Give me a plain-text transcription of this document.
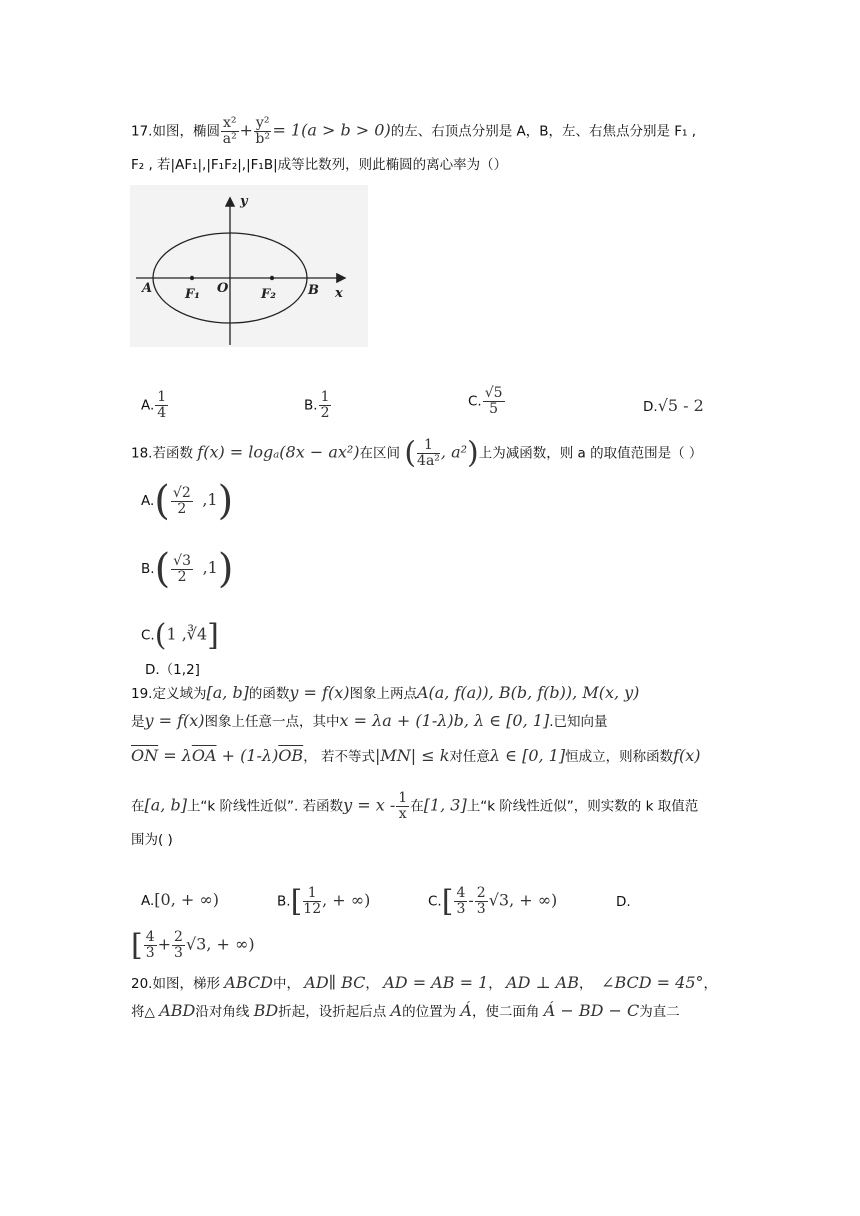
17.如图，椭圆 $\frac{\text{x²}}{\text{a²}} + \frac{\text{y²}}{\text{b²}} = 1(a > b > 0)$的左、右顶点分别是 A，B，左、右焦点分别是 F₁ ,
F₂ , 若|AF₁|,|F₁F₂|,|F₁B|成等比数列，则此椭圆的离心率为（）
y
x
A	F₁ O	F₂ B
A. $\frac{1}{4}$	B. $\frac{1}{2}$	C. $\frac{√5}{5}$	D.√5 - 2
18.若函数 f(x) = logₐ(8x − ax²)在区间 ( $\frac{1}{\text{4a²}}$ , a²)上为减函数，则 a 的取值范围是（ ）
$A.( \frac{√2}{2} ,1)$
$B.( \frac{√3}{2} ,1)$
C.(1 ,∛4]
D.（1,2]
19.定义域为[a, b]的函数y = f(x)图象上两点A(a, f(a)), B(b, f(b)), M(x, y)
是y = f(x)图象上任意一点，其中x = λa + (1-λ)b, λ ∈ [0, 1].已知向量
$\overline{ON} = \lambda\overline{OA} + (1-\lambda)\overline{OB}$， 若不等式|MN| ≤ k对任意λ ∈ [0, 1]恒成立，则称函数f(x)
在[a, b]上“k 阶线性近似”. 若函数$y = x - \frac{1}{x}$ 在[1, 3]上“k 阶线性近似”，则实数的 k 取值范
围为( )
A.[0, + ∞)	$B.[ \frac{1}{12}$ , + ∞)	$C.[ \frac{4}{3} - \frac{2}{3} √3$, + ∞)	D.
[ $\frac{4}{3} + \frac{2}{3} √3$, + ∞)
20.如图，梯形 ABCD中， AD∥ BC， AD = AB = 1， AD ⊥ AB， ∠BCD = 45°，
将△ ABD沿对角线 BD折起，设折起后点 A的位置为 Á，使二面角 Á − BD − C为直二
